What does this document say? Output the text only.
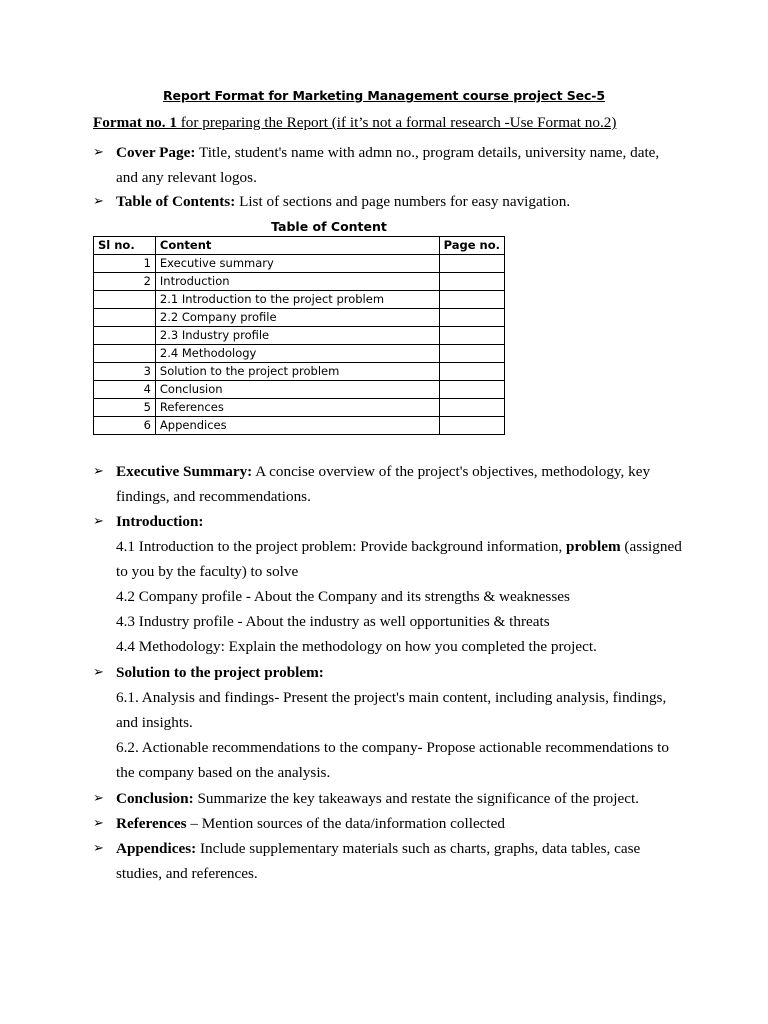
Report Format for Marketing Management course project Sec-5
Format no. 1 for preparing the Report (if it’s not a formal research -Use Format no.2)
➢ Cover Page: Title, student's name with admn no., program details, university name, date, and any relevant logos.
➢ Table of Contents: List of sections and page numbers for easy navigation.
Table of Content
Sl no.	Content	Page no.
1	Executive summary	
2	Introduction	
	2.1 Introduction to the project problem	
	2.2 Company profile	
	2.3 Industry profile	
	2.4 Methodology	
3	Solution to the project problem	
4	Conclusion	
5	References	
6	Appendices	
➢ Executive Summary: A concise overview of the project's objectives, methodology, key findings, and recommendations.
➢ Introduction:
4.1 Introduction to the project problem: Provide background information, problem (assigned to you by the faculty) to solve
4.2 Company profile - About the Company and its strengths & weaknesses
4.3 Industry profile - About the industry as well opportunities & threats
4.4 Methodology: Explain the methodology on how you completed the project.
➢ Solution to the project problem:
6.1. Analysis and findings- Present the project's main content, including analysis, findings, and insights.
6.2. Actionable recommendations to the company- Propose actionable recommendations to the company based on the analysis.
➢ Conclusion: Summarize the key takeaways and restate the significance of the project.
➢ References – Mention sources of the data/information collected
➢ Appendices: Include supplementary materials such as charts, graphs, data tables, case studies, and references.
